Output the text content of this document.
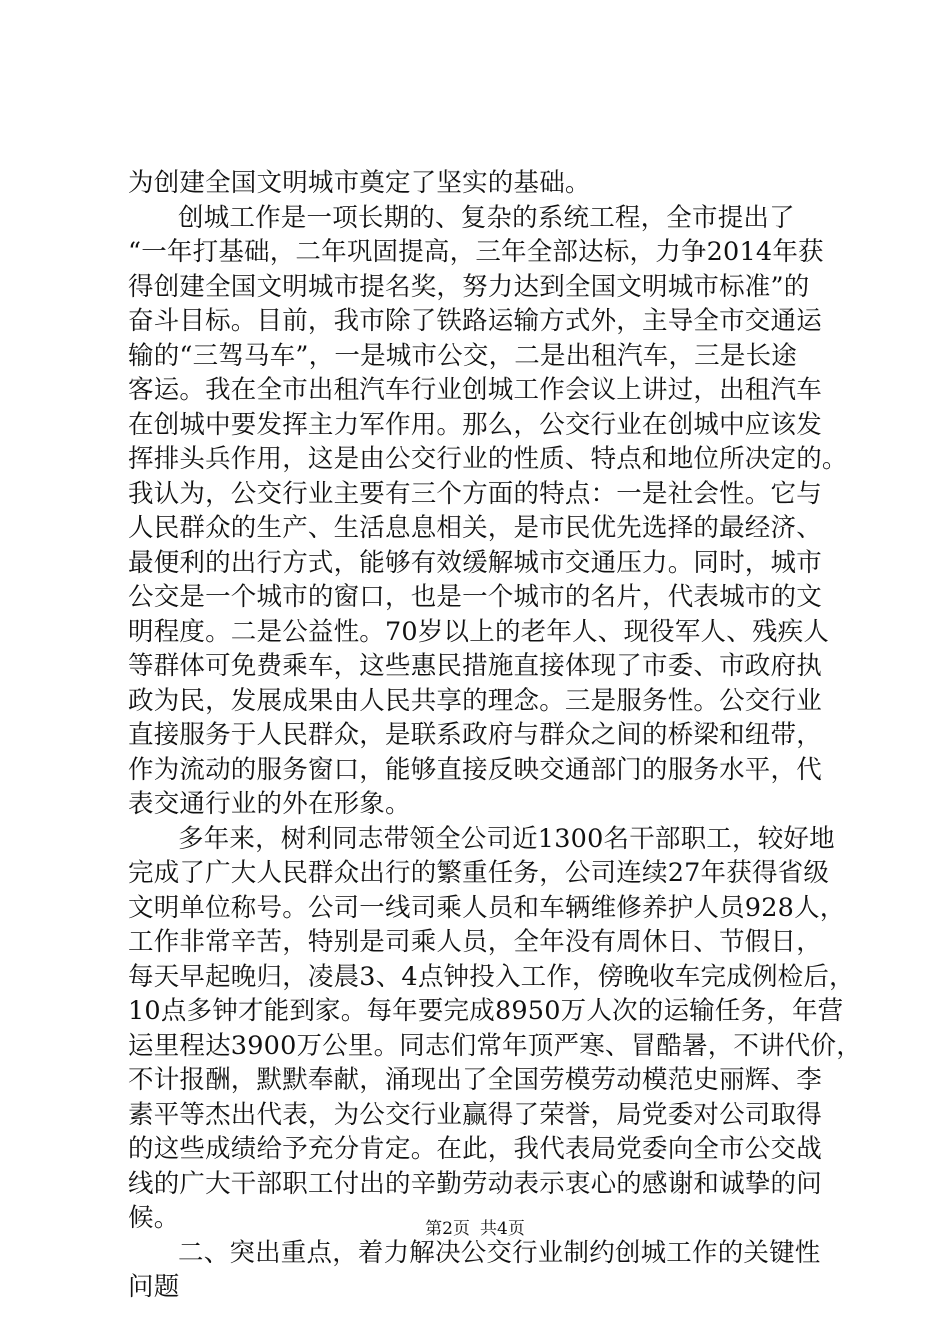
为创建全国文明城市奠定了坚实的基础。
创城工作是一项长期的、复杂的系统工程，全市提出了
“一年打基础，二年巩固提高，三年全部达标，力争2014年获
得创建全国文明城市提名奖，努力达到全国文明城市标准”的
奋斗目标。目前，我市除了铁路运输方式外，主导全市交通运
输的“三驾马车”，一是城市公交，二是出租汽车，三是长途
客运。我在全市出租汽车行业创城工作会议上讲过，出租汽车
在创城中要发挥主力军作用。那么，公交行业在创城中应该发
挥排头兵作用，这是由公交行业的性质、特点和地位所决定的。
我认为，公交行业主要有三个方面的特点：一是社会性。它与
人民群众的生产、生活息息相关，是市民优先选择的最经济、
最便利的出行方式，能够有效缓解城市交通压力。同时，城市
公交是一个城市的窗口，也是一个城市的名片，代表城市的文
明程度。二是公益性。70岁以上的老年人、现役军人、残疾人
等群体可免费乘车，这些惠民措施直接体现了市委、市政府执
政为民，发展成果由人民共享的理念。三是服务性。公交行业
直接服务于人民群众，是联系政府与群众之间的桥梁和纽带，
作为流动的服务窗口，能够直接反映交通部门的服务水平，代
表交通行业的外在形象。
多年来，树利同志带领全公司近1300名干部职工，较好地
完成了广大人民群众出行的繁重任务，公司连续27年获得省级
文明单位称号。公司一线司乘人员和车辆维修养护人员928人，
工作非常辛苦，特别是司乘人员，全年没有周休日、节假日，
每天早起晚归，凌晨3、4点钟投入工作，傍晚收车完成例检后，
10点多钟才能到家。每年要完成8950万人次的运输任务，年营
运里程达3900万公里。同志们常年顶严寒、冒酷暑，不讲代价，
不计报酬，默默奉献，涌现出了全国劳模劳动模范史丽辉、李
素平等杰出代表，为公交行业赢得了荣誉，局党委对公司取得
的这些成绩给予充分肯定。在此，我代表局党委向全市公交战
线的广大干部职工付出的辛勤劳动表示衷心的感谢和诚挚的问
候。
二、突出重点，着力解决公交行业制约创城工作的关键性
问题
第2页 共4页
